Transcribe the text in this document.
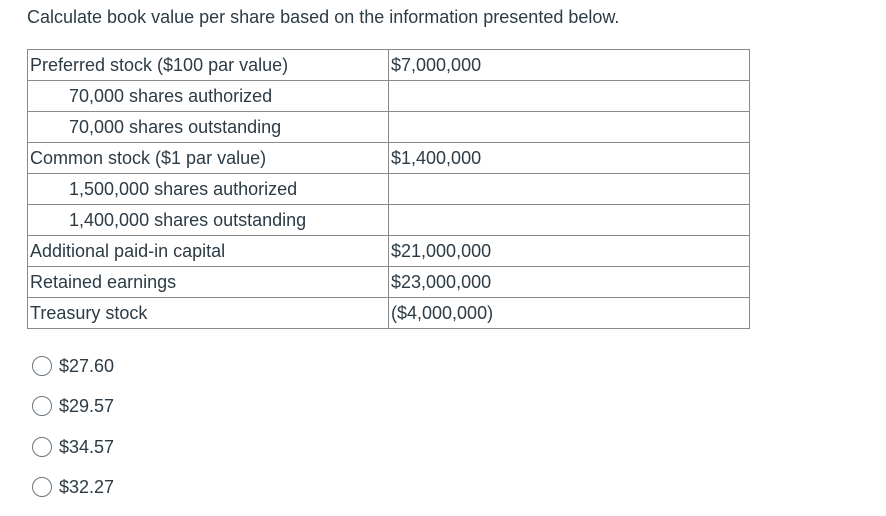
Calculate book value per share based on the information presented below.
Preferred stock ($100 par value)	$7,000,000
70,000 shares authorized	
70,000 shares outstanding	
Common stock ($1 par value)	$1,400,000
1,500,000 shares authorized	
1,400,000 shares outstanding	
Additional paid-in capital	$21,000,000
Retained earnings	$23,000,000
Treasury stock	($4,000,000)
$27.60
$29.57
$34.57
$32.27
